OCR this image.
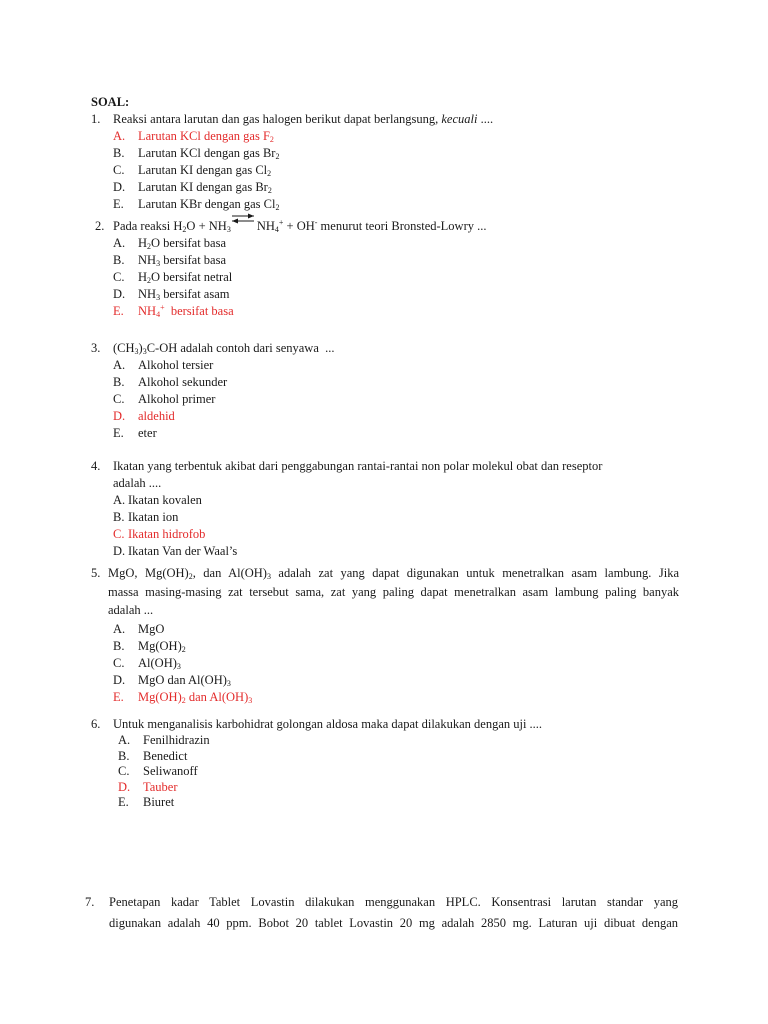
SOAL:
1.	Reaksi antara larutan dan gas halogen berikut dapat berlangsung, kecuali ....
A.	Larutan KCl dengan gas $F_2$
B.	Larutan KCl dengan gas $Br_2$
C.	Larutan KI dengan gas $Cl_2$
D.	Larutan KI dengan gas $Br_2$
E.	Larutan KBr dengan gas $Cl_2$
2. Pada reaksi $H_2O + NH_3$ $\rightleftharpoons NH_4^+ + OH^-$ menurut teori Bronsted-Lowry ...
A.	$H_2O$ bersifat basa
B.	$NH_3$ bersifat basa
C.	$H_2O$ bersifat netral
D.	$NH_3$ bersifat asam
E.	$NH_4^+$  bersifat basa
3.	$(CH_3)_3C-OH$ adalah contoh dari senyawa  ...
A.	Alkohol tersier
B.	Alkohol sekunder
C.	Alkohol primer
D.	aldehid
E.	eter
4.	Ikatan yang terbentuk akibat dari penggabungan rantai-rantai non polar molekul obat dan reseptor
adalah ....
A. Ikatan kovalen
B. Ikatan ion
C. Ikatan hidrofob
D. Ikatan Van der Waal’s
5. MgO, $Mg(OH)_2$, dan $Al(OH)_3$ adalah zat yang dapat digunakan untuk menetralkan asam lambung. Jika
massa masing-masing zat tersebut sama, zat yang paling dapat menetralkan asam lambung paling banyak
adalah ...
A.	MgO
B.	$Mg(OH)_2$
C.	$Al(OH)_3$
D.	MgO dan $Al(OH)_3$
E.	$Mg(OH)_2$ dan $Al(OH)_3$
6.	Untuk menganalisis karbohidrat golongan aldosa maka dapat dilakukan dengan uji ....
A.	Fenilhidrazin
B.	Benedict
C.	Seliwanoff
D.	Tauber
E.	Biuret
7.	Penetapan kadar Tablet Lovastin dilakukan menggunakan HPLC. Konsentrasi larutan standar yang
digunakan adalah 40 ppm. Bobot 20 tablet Lovastin 20 mg adalah 2850 mg. Laturan uji dibuat dengan
